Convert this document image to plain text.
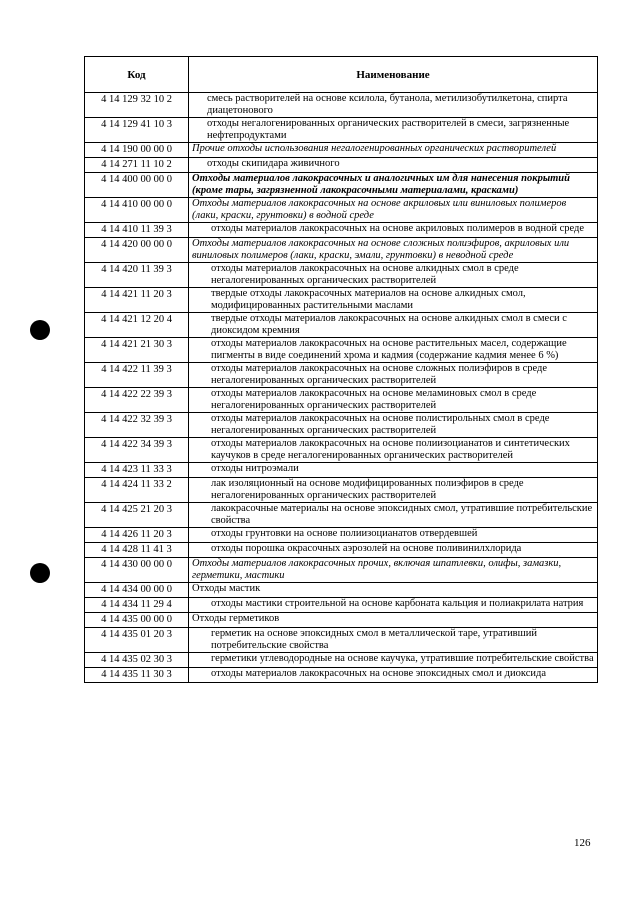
Код	Наименование
4 14 129 32 10 2	смесь растворителей на основе ксилола, бутанола, метилизобутилкетона, спирта диацетонового
4 14 129 41 10 3	отходы негалогенированных органических растворителей в смеси, загрязненные нефтепродуктами
4 14 190 00 00 0	Прочие отходы использования негалогенированных органических растворителей
4 14 271 11 10 2	отходы скипидара живичного
4 14 400 00 00 0	Отходы материалов лакокрасочных и аналогичных им для нанесения покрытий (кроме тары, загрязненной лакокрасочными материалами, красками)
4 14 410 00 00 0	Отходы материалов лакокрасочных на основе акриловых или виниловых полимеров (лаки, краски, грунтовки) в водной среде
4 14 410 11 39 3	отходы материалов лакокрасочных на основе акриловых полимеров в водной среде
4 14 420 00 00 0	Отходы материалов лакокрасочных на основе сложных полиэфиров, акриловых или виниловых полимеров (лаки, краски, эмали, грунтовки) в неводной среде
4 14 420 11 39 3	отходы материалов лакокрасочных на основе алкидных смол в среде негалогенированных органических растворителей
4 14 421 11 20 3	твердые отходы лакокрасочных материалов на основе алкидных смол, модифицированных растительными маслами
4 14 421 12 20 4	твердые отходы материалов лакокрасочных на основе алкидных смол в смеси с диоксидом кремния
4 14 421 21 30 3	отходы материалов лакокрасочных на основе растительных масел, содержащие пигменты в виде соединений хрома и кадмия (содержание кадмия менее 6 %)
4 14 422 11 39 3	отходы материалов лакокрасочных на основе сложных полиэфиров в среде негалогенированных органических растворителей
4 14 422 22 39 3	отходы материалов лакокрасочных на основе меламиновых смол в среде негалогенированных органических растворителей
4 14 422 32 39 3	отходы материалов лакокрасочных на основе полистирольных смол в среде негалогенированных органических растворителей
4 14 422 34 39 3	отходы материалов лакокрасочных на основе полиизоцианатов и синтетических каучуков в среде негалогенированных органических растворителей
4 14 423 11 33 3	отходы нитроэмали
4 14 424 11 33 2	лак изоляционный на основе модифицированных полиэфиров в среде негалогенированных органических растворителей
4 14 425 21 20 3	лакокрасочные материалы на основе эпоксидных смол, утратившие потребительские свойства
4 14 426 11 20 3	отходы грунтовки на основе полиизоцианатов отвердевшей
4 14 428 11 41 3	отходы порошка окрасочных аэрозолей на основе поливинилхлорида
4 14 430 00 00 0	Отходы материалов лакокрасочных прочих, включая шпатлевки, олифы, замазки, герметики, мастики
4 14 434 00 00 0	Отходы мастик
4 14 434 11 29 4	отходы мастики строительной на основе карбоната кальция и полиакрилата натрия
4 14 435 00 00 0	Отходы герметиков
4 14 435 01 20 3	герметик на основе эпоксидных смол в металлической таре, утративший потребительские свойства
4 14 435 02 30 3	герметики углеводородные на основе каучука, утратившие потребительские свойства
4 14 435 11 30 3	отходы материалов лакокрасочных на основе эпоксидных смол и диоксида
126
